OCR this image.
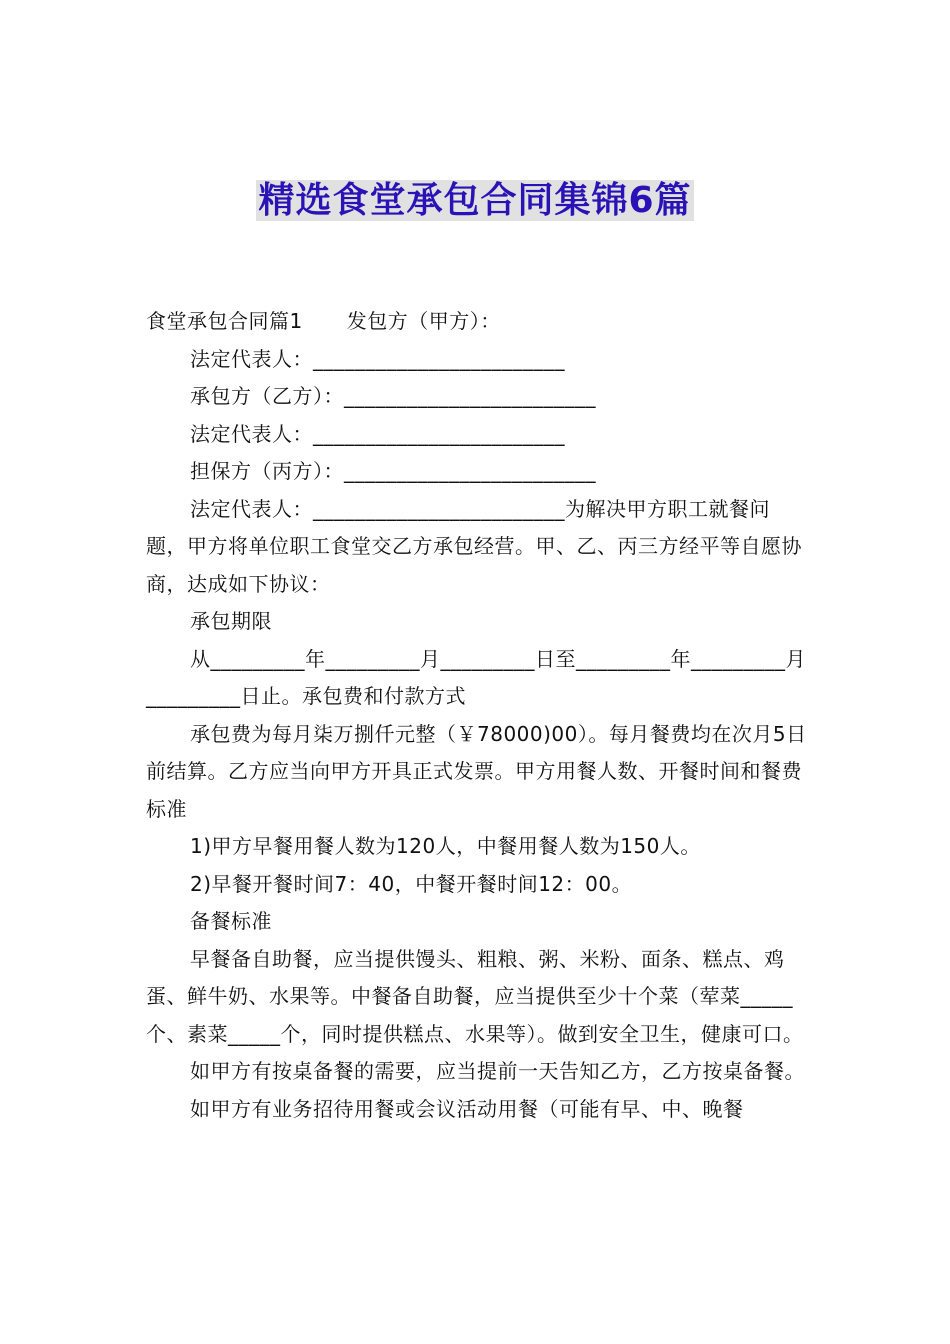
精选食堂承包合同集锦6篇

食堂承包合同篇1 发包方（甲方）：

法定代表人：________________________

承包方（乙方）：________________________

法定代表人：________________________

担保方（丙方）：________________________

法定代表人：________________________为解决甲方职工就餐问题，甲方将单位职工食堂交乙方承包经营。甲、乙、丙三方经平等自愿协商，达成如下协议：

承包期限

从_________年_________月_________日至_________年_________月_________日止。承包费和付款方式

承包费为每月柒万捌仟元整（￥78000)00）。每月餐费均在次月5日前结算。乙方应当向甲方开具正式发票。甲方用餐人数、开餐时间和餐费标准

1)甲方早餐用餐人数为120人，中餐用餐人数为150人。

2)早餐开餐时间7：40，中餐开餐时间12：00。

备餐标准

早餐备自助餐，应当提供馒头、粗粮、粥、米粉、面条、糕点、鸡蛋、鲜牛奶、水果等。中餐备自助餐，应当提供至少十个菜（荤菜_____个、素菜_____个，同时提供糕点、水果等）。做到安全卫生，健康可口。

如甲方有按桌备餐的需要，应当提前一天告知乙方，乙方按桌备餐。

如甲方有业务招待用餐或会议活动用餐（可能有早、中、晚餐
